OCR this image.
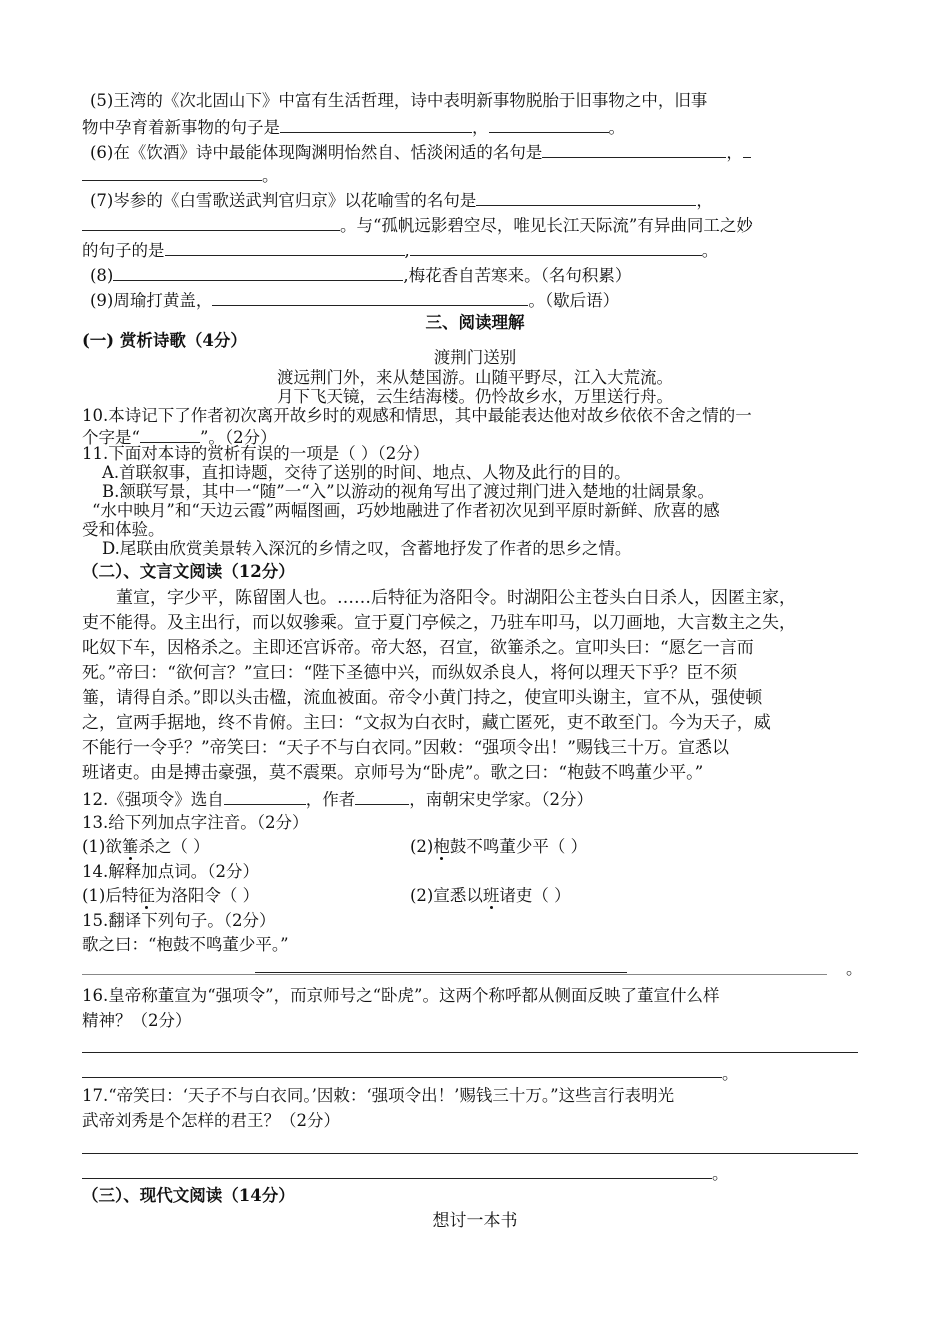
(5)王湾的《次北固山下》中富有生活哲理，诗中表明新事物脱胎于旧事物之中，旧事
物中孕育着新事物的句子是	，	。
(6)在《饮酒》诗中最能体现陶渊明怡然自、恬淡闲适的名句是	，
。
(7)岑参的《白雪歌送武判官归京》以花喻雪的名句是	，
。与“孤帆远影碧空尽，唯见长江天际流”有异曲同工之妙
的句子的是	,	。
(8)	,梅花香自苦寒来。（名句积累）
(9)周瑜打黄盖，	。（歇后语）
三、阅读理解
(一) 赏析诗歌（4分）
渡荆门送别
渡远荆门外，来从楚国游。山随平野尽，江入大荒流。
月下飞天镜，云生结海楼。仍怜故乡水，万里送行舟。
10.本诗记下了作者初次离开故乡时的观感和情思，其中最能表达他对故乡依依不舍之情的一
个字是“	”。（2分）
11.下面对本诗的赏析有误的一项是（ ）（2分）
A.首联叙事，直扣诗题，交待了送别的时间、地点、人物及此行的目的。
B.颔联写景，其中一“随”一“入”以游动的视角写出了渡过荆门进入楚地的壮阔景象。
“水中映月”和“天边云霞”两幅图画，巧妙地融进了作者初次见到平原时新鲜、欣喜的感
受和体验。
D.尾联由欣赏美景转入深沉的乡情之叹，含蓄地抒发了作者的思乡之情。
（二）、文言文阅读（12分）
　　董宣，字少平，陈留圉人也。……后特征为洛阳令。时湖阳公主苍头白日杀人，因匿主家，
吏不能得。及主出行，而以奴骖乘。宣于夏门亭候之，乃驻车叩马，以刀画地，大言数主之失，
叱奴下车，因格杀之。主即还宫诉帝。帝大怒，召宣，欲箠杀之。宣叩头曰：“愿乞一言而
死。”帝曰：“欲何言？”宣曰：“陛下圣德中兴，而纵奴杀良人，将何以理天下乎？臣不须
箠，请得自杀。”即以头击楹，流血被面。帝令小黄门持之，使宣叩头谢主，宣不从，强使顿
之，宣两手据地，终不肯俯。主曰：“文叔为白衣时，藏亡匿死，吏不敢至门。今为天子，威
不能行一令乎？”帝笑曰：“天子不与白衣同。”因敕：“强项令出！”赐钱三十万。宣悉以
班诸吏。由是搏击豪强，莫不震栗。京师号为“卧虎”。歌之曰：“枹鼓不鸣董少平。”
12.《强项令》选自	，作者	，南朝宋史学家。（2分）
13.给下列加点字注音。（2分）
(1)欲箠杀之（ ）	(2)枹鼓不鸣董少平（ ）
14.解释加点词。（2分）
(1)后特征为洛阳令（ ）	(2)宣悉以班诸吏（ ）
15.翻译下列句子。（2分）
歌之曰：“枹鼓不鸣董少平。”
。
16.皇帝称董宣为“强项令”，而京师号之“卧虎”。这两个称呼都从侧面反映了董宣什么样
精神？（2分）
。
17.“帝笑曰：‘天子不与白衣同。’因敕：‘强项令出！’赐钱三十万。”这些言行表明光
武帝刘秀是个怎样的君王？（2分）
。
（三）、现代文阅读（14分）
想讨一本书
